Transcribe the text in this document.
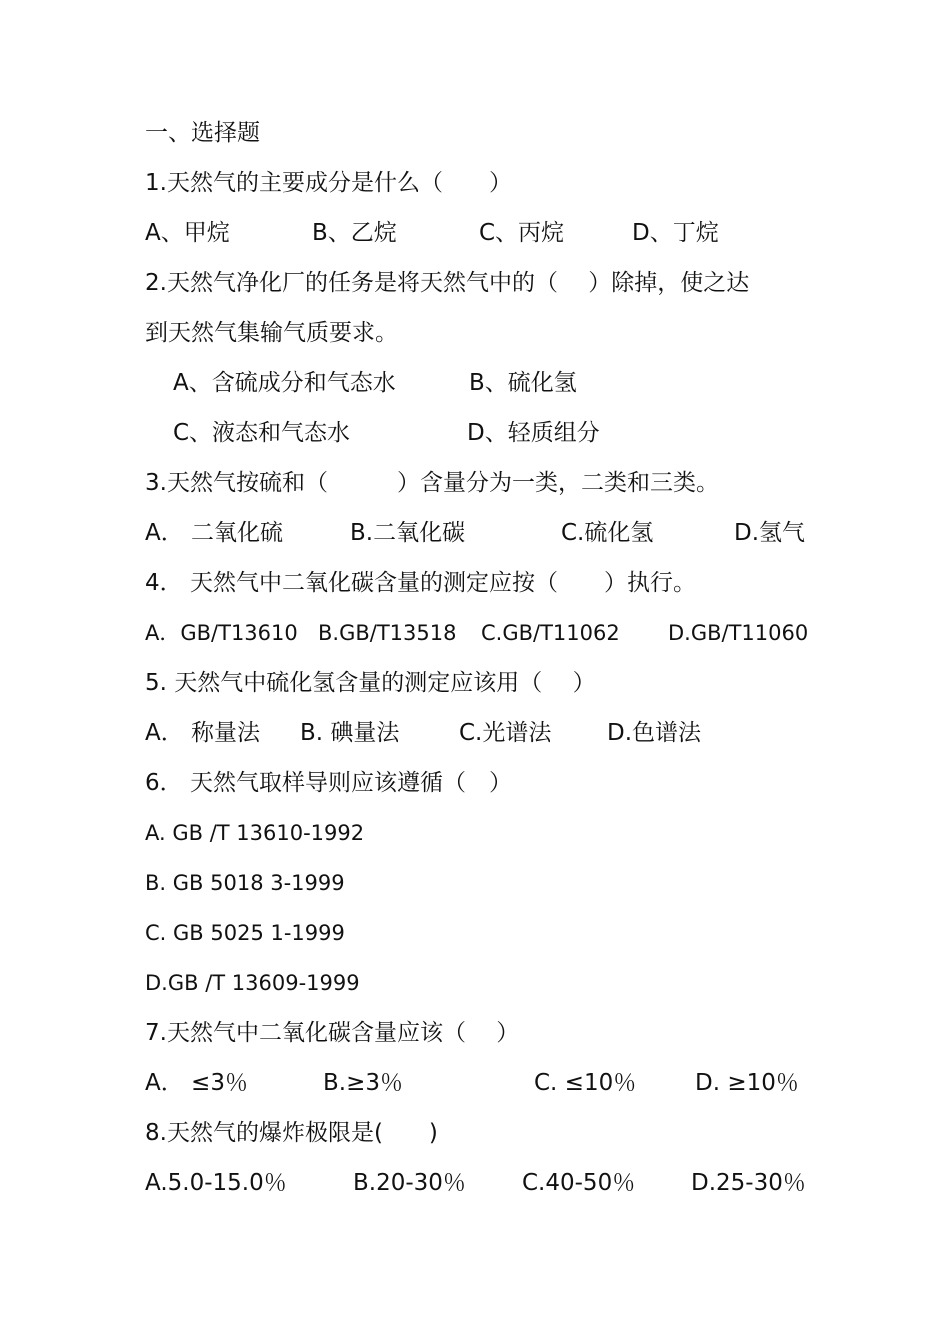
一、选择题
1.天然气的主要成分是什么（　　）
A、甲烷	B、乙烷	C、丙烷	D、丁烷
2.天然气净化厂的任务是将天然气中的（　 ）除掉，使之达
到天然气集输气质要求。
A、含硫成分和气态水	B、硫化氢
C、液态和气态水	D、轻质组分
3.天然气按硫和（　　　）含量分为一类，二类和三类。
A． 二氧化硫	B.二氧化碳	C.硫化氢	D.氢气
4． 天然气中二氧化碳含量的测定应按（　　）执行。
A．GB/T13610 B.GB/T13518 C.GB/T11062 D.GB/T11060
5. 天然气中硫化氢含量的测定应该用（　 ）
A． 称量法 B. 碘量法	C.光谱法 D.色谱法
6． 天然气取样导则应该遵循（　）
A. GB /T 13610-1992
B. GB 5018 3-1999
C. GB 5025 1-1999
D.GB /T 13609-1999
7.天然气中二氧化碳含量应该（　 ）
A． ≤3％	B.≥3％	C. ≤10％	D. ≥10％
8.天然气的爆炸极限是(　　)
A.5.0-15.0％	B.20-30％ C.40-50％ D.25-30％
